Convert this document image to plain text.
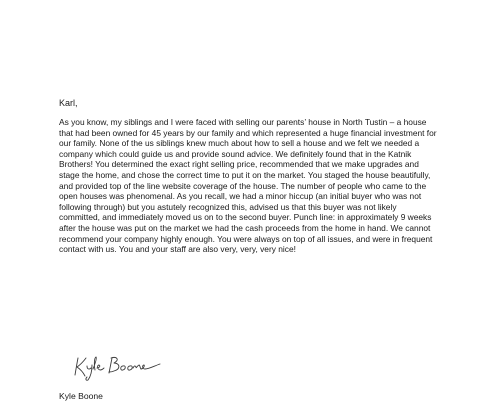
Karl,

As you know, my siblings and I were faced with selling our parents’ house in North Tustin – a house that had been owned for 45 years by our family and which represented a huge financial investment for our family. None of the us siblings knew much about how to sell a house and we felt we needed a company which could guide us and provide sound advice. We definitely found that in the Katnik Brothers! You determined the exact right selling price, recommended that we make upgrades and stage the home, and chose the correct time to put it on the market. You staged the house beautifully, and provided top of the line website coverage of the house. The number of people who came to the open houses was phenomenal. As you recall, we had a minor hiccup (an initial buyer who was not following through) but you astutely recognized this, advised us that this buyer was not likely committed, and immediately moved us on to the second buyer. Punch line: in approximately 9 weeks after the house was put on the market we had the cash proceeds from the home in hand. We cannot recommend your company highly enough. You were always on top of all issues, and were in frequent contact with us. You and your staff are also very, very, very nice!

Kyle Boone
